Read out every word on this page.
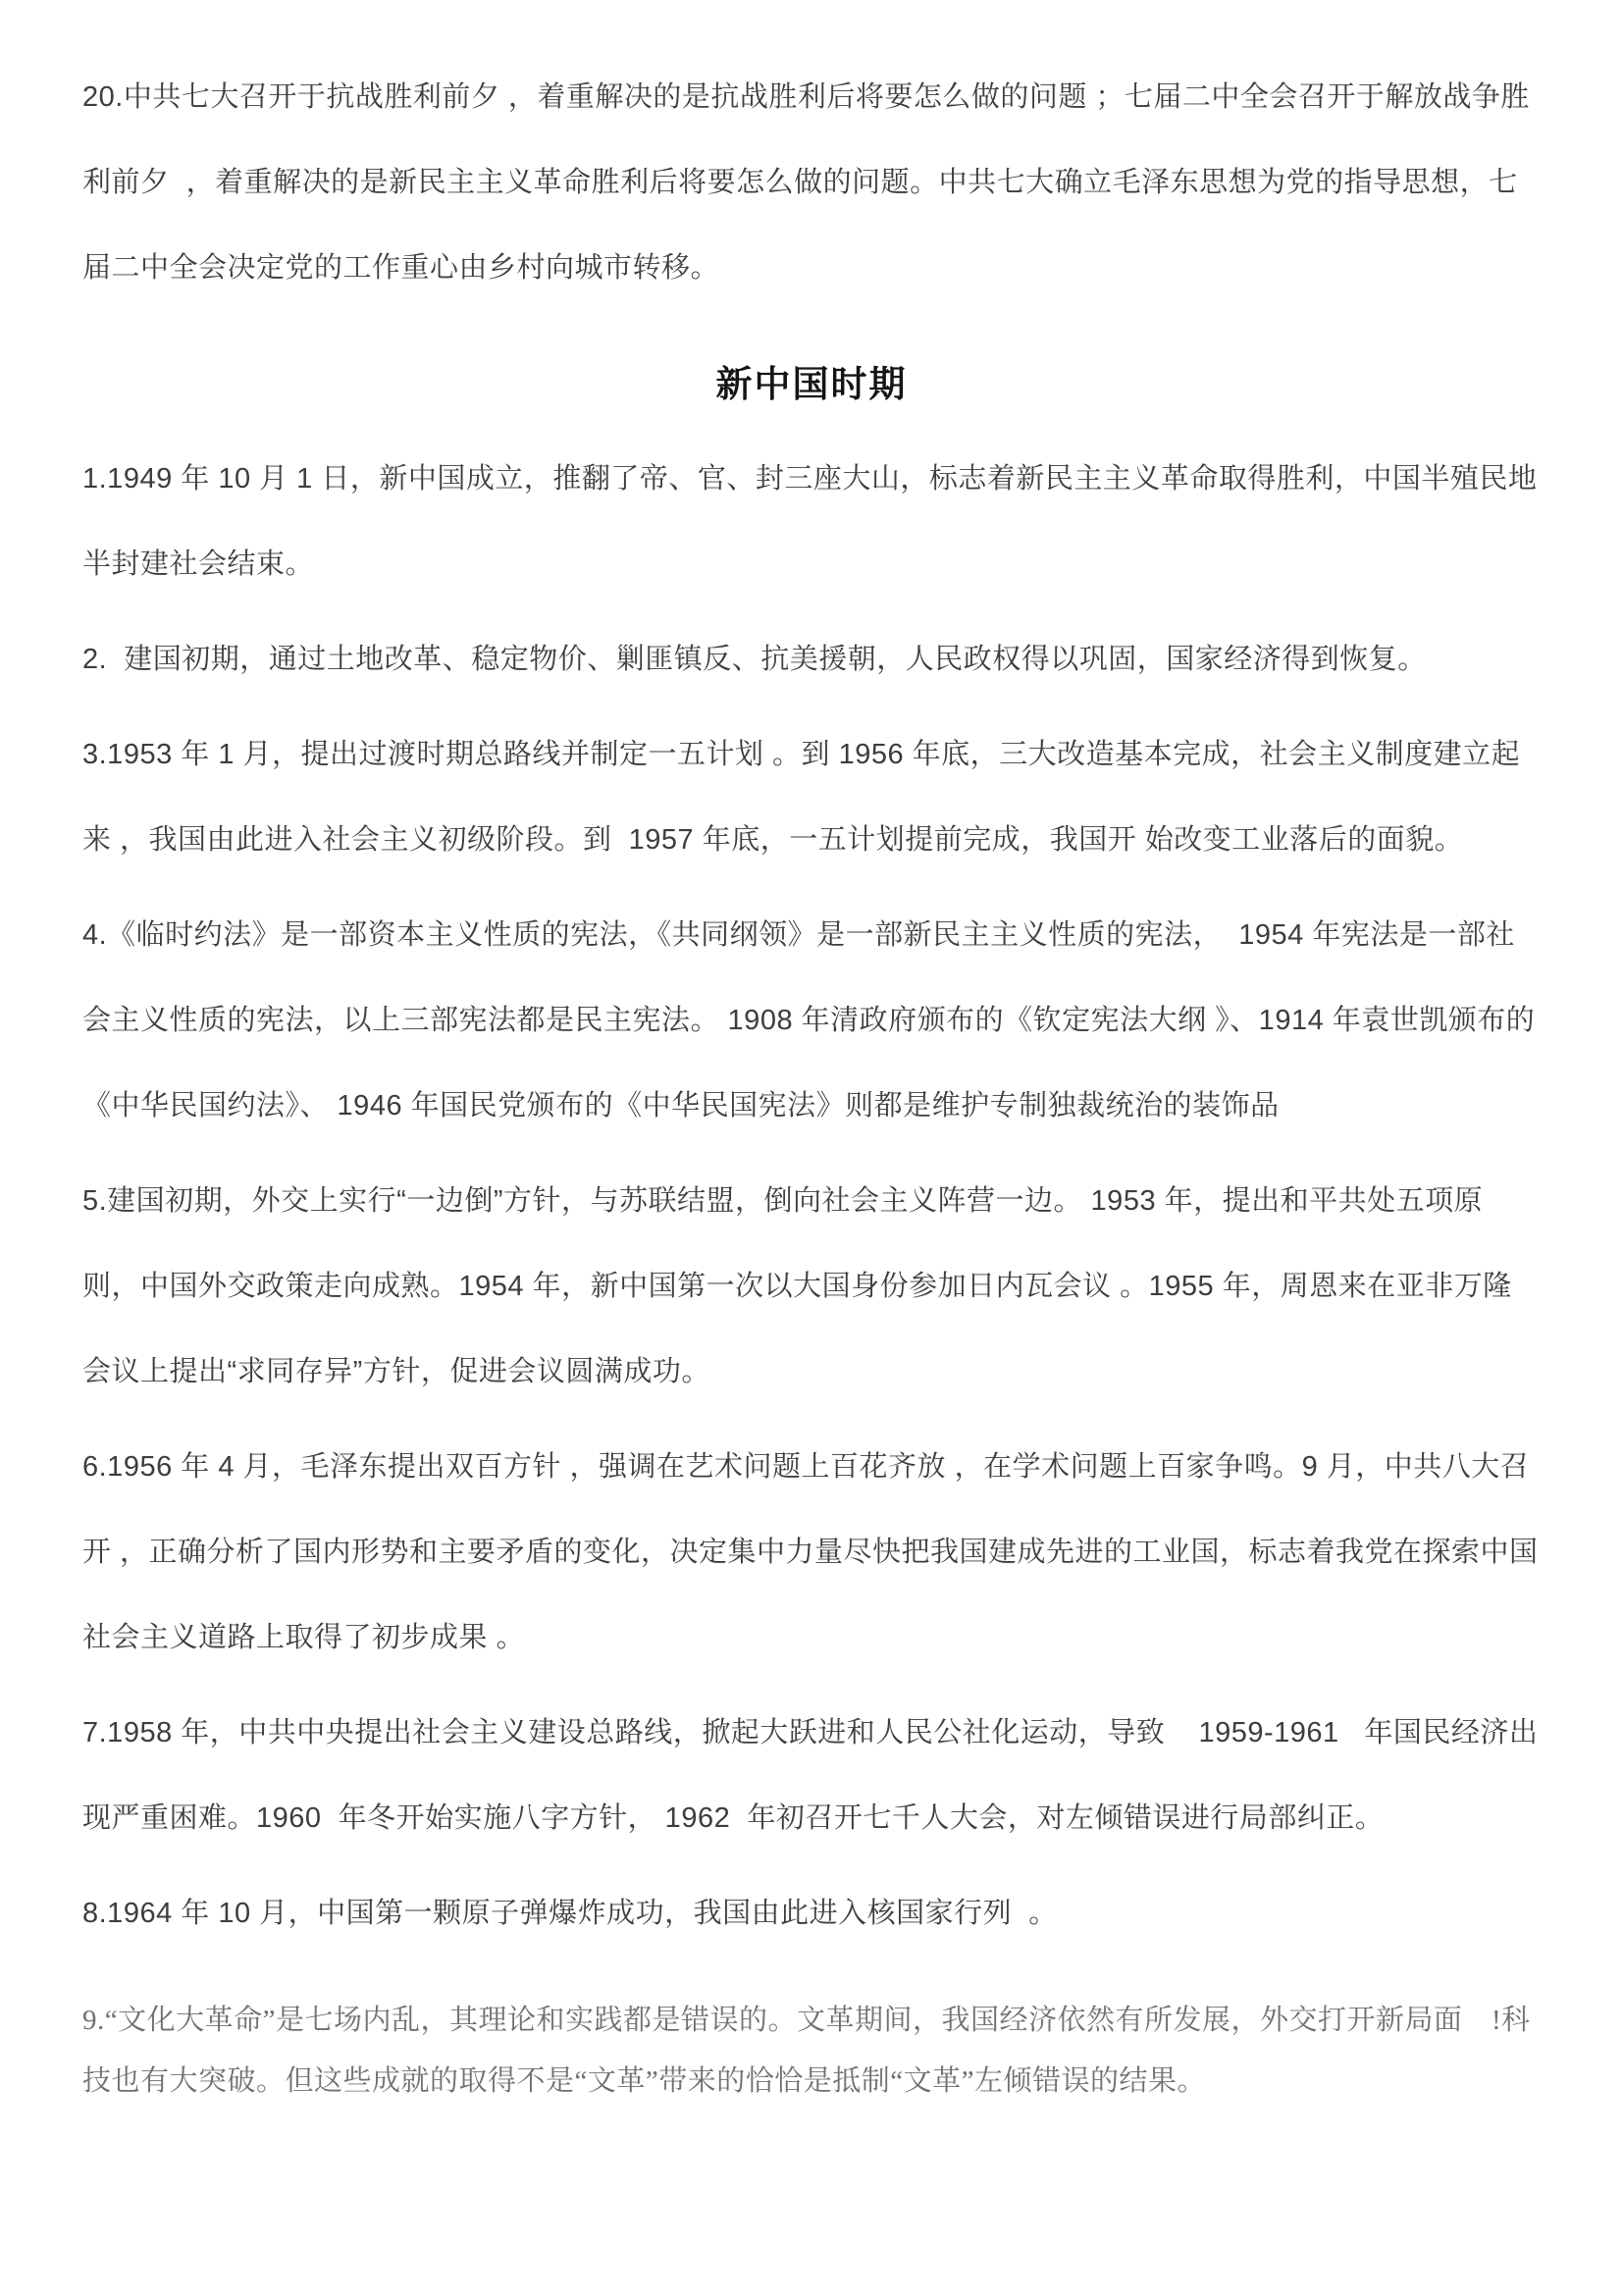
20.中共七大召开于抗战胜利前夕 ，着重解决的是抗战胜利后将要怎么做的问题 ；七届二中全会召开于解放战争胜利前夕  ，着重解决的是新民主主义革命胜利后将要怎么做的问题。中共七大确立毛泽东思想为党的指导思想，七届二中全会决定党的工作重心由乡村向城市转移。

新中国时期

1.1949 年 10 月 1 日，新中国成立，推翻了帝、官、封三座大山，标志着新民主主义革命取得胜利，中国半殖民地半封建社会结束。

2.  建国初期，通过土地改革、稳定物价、剿匪镇反、抗美援朝，人民政权得以巩固，国家经济得到恢复。

3.1953 年 1 月，提出过渡时期总路线并制定一五计划 。到 1956 年底，三大改造基本完成，社会主义制度建立起来 ，我国由此进入社会主义初级阶段。到  1957 年底，一五计划提前完成，我国开 始改变工业落后的面貌。

4.《临时约法》是一部资本主义性质的宪法，《共同纲领》是一部新民主主义性质的宪法，  1954 年宪法是一部社会主义性质的宪法，以上三部宪法都是民主宪法。 1908 年清政府颁布的《钦定宪法大纲 》、1914 年袁世凯颁布的《中华民国约法》、 1946 年国民党颁布的《中华民国宪法》则都是维护专制独裁统治的装饰品

5.建国初期，外交上实行“一边倒”方针，与苏联结盟，倒向社会主义阵营一边。 1953 年，提出和平共处五项原则，中国外交政策走向成熟。1954 年，新中国第一次以大国身份参加日内瓦会议 。1955 年，周恩来在亚非万隆会议上提出“求同存异”方针，促进会议圆满成功。

6.1956 年 4 月，毛泽东提出双百方针 ，强调在艺术问题上百花齐放 ，在学术问题上百家争鸣。9 月，中共八大召开 ，正确分析了国内形势和主要矛盾的变化，决定集中力量尽快把我国建成先进的工业国，标志着我党在探索中国社会主义道路上取得了初步成果 。

7.1958 年，中共中央提出社会主义建设总路线，掀起大跃进和人民公社化运动，导致    1959-1961   年国民经济出现严重困难。1960  年冬开始实施八字方针， 1962  年初召开七千人大会，对左倾错误进行局部纠正。

8.1964 年 10 月，中国第一颗原子弹爆炸成功，我国由此进入核国家行列  。

9.“文化大革命”是七场内乱，其理论和实践都是错误的。文革期间，我国经济依然有所发展，外交打开新局面　!科技也有大突破。但这些成就的取得不是“文革”带来的恰恰是抵制“文革”左倾错误的结果。
